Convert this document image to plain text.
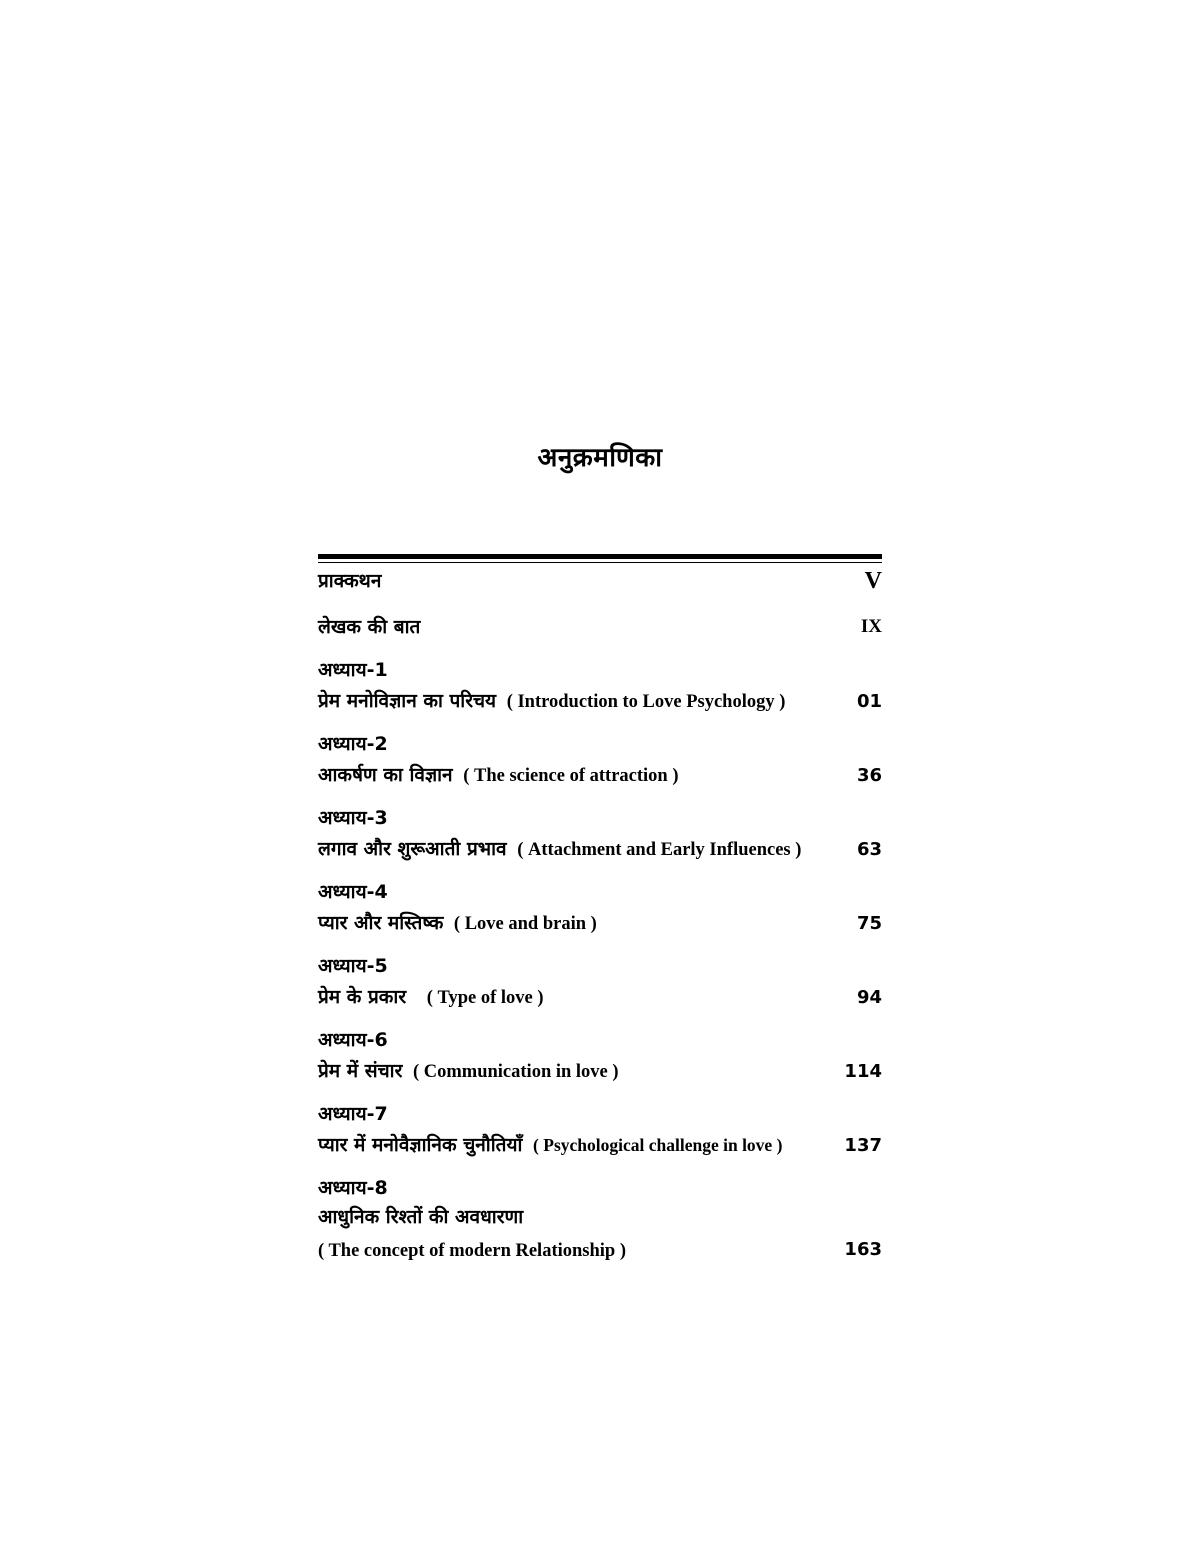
अनुक्रमणिका
प्राक्कथन	V
लेखक की बात	IX
अध्याय-1
प्रेम मनोविज्ञान का परिचय ( Introduction to Love Psychology )	01
अध्याय-2
आकर्षण का विज्ञान ( The science of attraction )	36
अध्याय-3
लगाव और शुरूआती प्रभाव ( Attachment and Early Influences )	63
अध्याय-4
प्यार और मस्तिष्क ( Love and brain )	75
अध्याय-5
प्रेम के प्रकार ( Type of love )	94
अध्याय-6
प्रेम में संचार ( Communication in love )	114
अध्याय-7
प्यार में मनोवैज्ञानिक चुनौतियाँ ( Psychological challenge in love )	137
अध्याय-8
आधुनिक रिश्तों की अवधारणा
( The concept of modern Relationship )	163
